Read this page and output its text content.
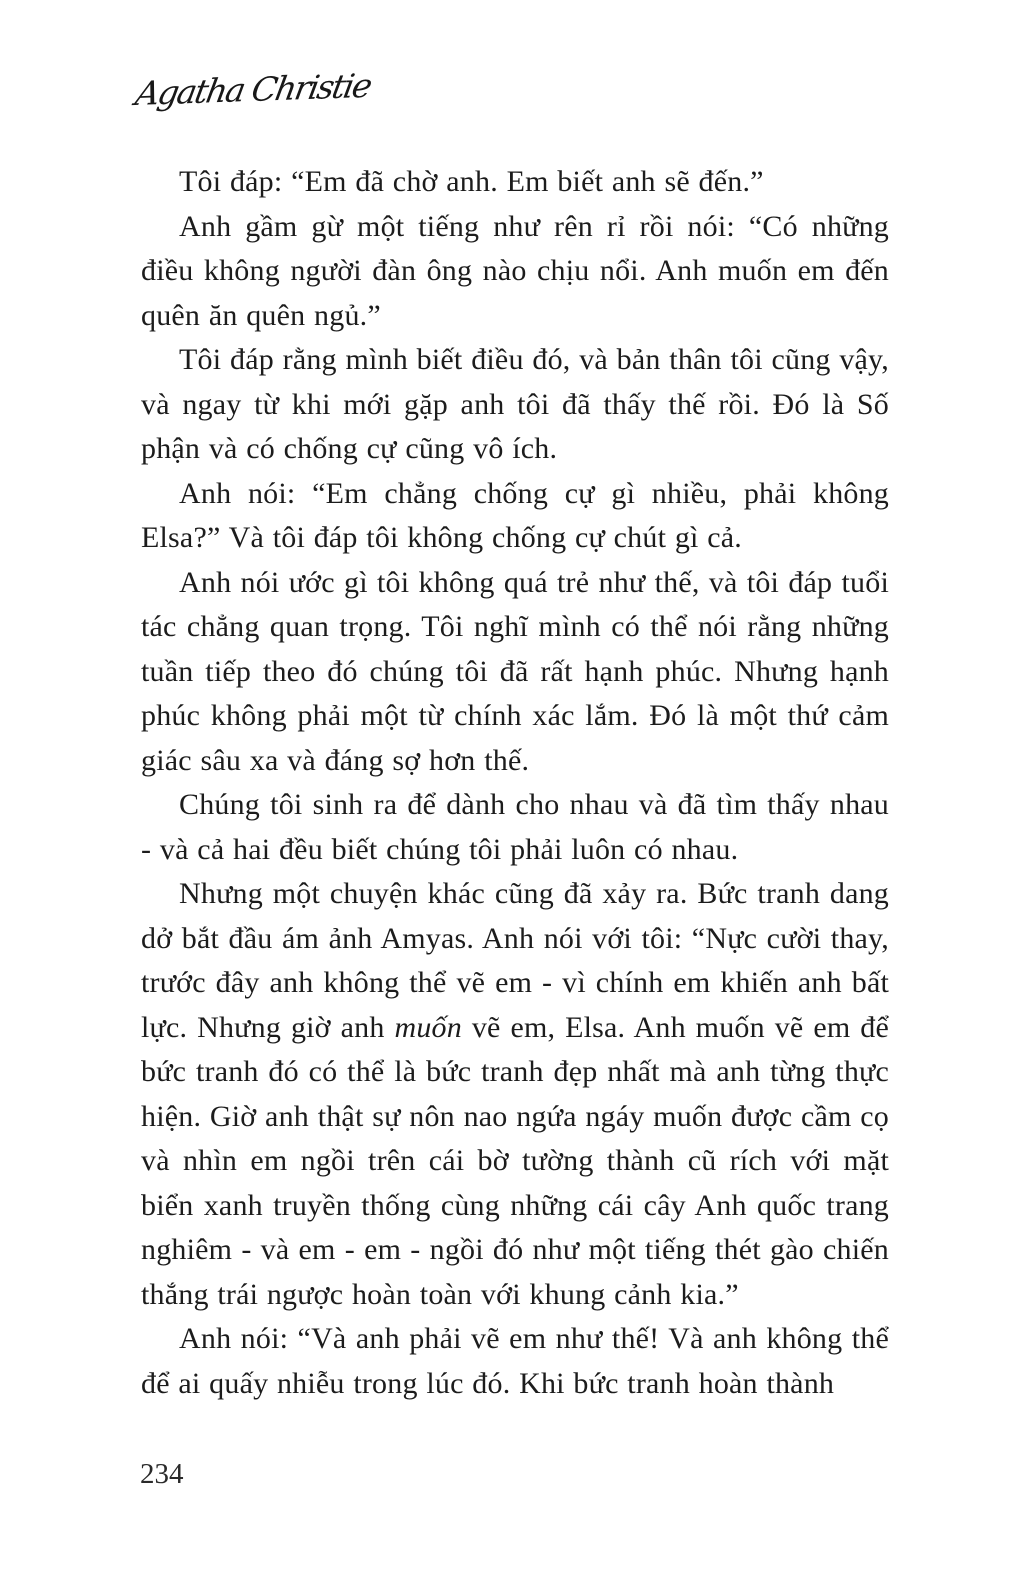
Agatha Christie

Tôi đáp: “Em đã chờ anh. Em biết anh sẽ đến.”

Anh gầm gừ một tiếng như rên rỉ rồi nói: “Có những điều không người đàn ông nào chịu nổi. Anh muốn em đến quên ăn quên ngủ.”

Tôi đáp rằng mình biết điều đó, và bản thân tôi cũng vậy, và ngay từ khi mới gặp anh tôi đã thấy thế rồi. Đó là Số phận và có chống cự cũng vô ích.

Anh nói: “Em chẳng chống cự gì nhiều, phải không Elsa?” Và tôi đáp tôi không chống cự chút gì cả.

Anh nói ước gì tôi không quá trẻ như thế, và tôi đáp tuổi tác chẳng quan trọng. Tôi nghĩ mình có thể nói rằng những tuần tiếp theo đó chúng tôi đã rất hạnh phúc. Nhưng hạnh phúc không phải một từ chính xác lắm. Đó là một thứ cảm giác sâu xa và đáng sợ hơn thế.

Chúng tôi sinh ra để dành cho nhau và đã tìm thấy nhau - và cả hai đều biết chúng tôi phải luôn có nhau.

Nhưng một chuyện khác cũng đã xảy ra. Bức tranh dang dở bắt đầu ám ảnh Amyas. Anh nói với tôi: “Nực cười thay, trước đây anh không thể vẽ em - vì chính em khiến anh bất lực. Nhưng giờ anh muốn vẽ em, Elsa. Anh muốn vẽ em để bức tranh đó có thể là bức tranh đẹp nhất mà anh từng thực hiện. Giờ anh thật sự nôn nao ngứa ngáy muốn được cầm cọ và nhìn em ngồi trên cái bờ tường thành cũ rích với mặt biển xanh truyền thống cùng những cái cây Anh quốc trang nghiêm - và em - em - ngồi đó như một tiếng thét gào chiến thắng trái ngược hoàn toàn với khung cảnh kia.”

Anh nói: “Và anh phải vẽ em như thế! Và anh không thể để ai quấy nhiễu trong lúc đó. Khi bức tranh hoàn thành

234
